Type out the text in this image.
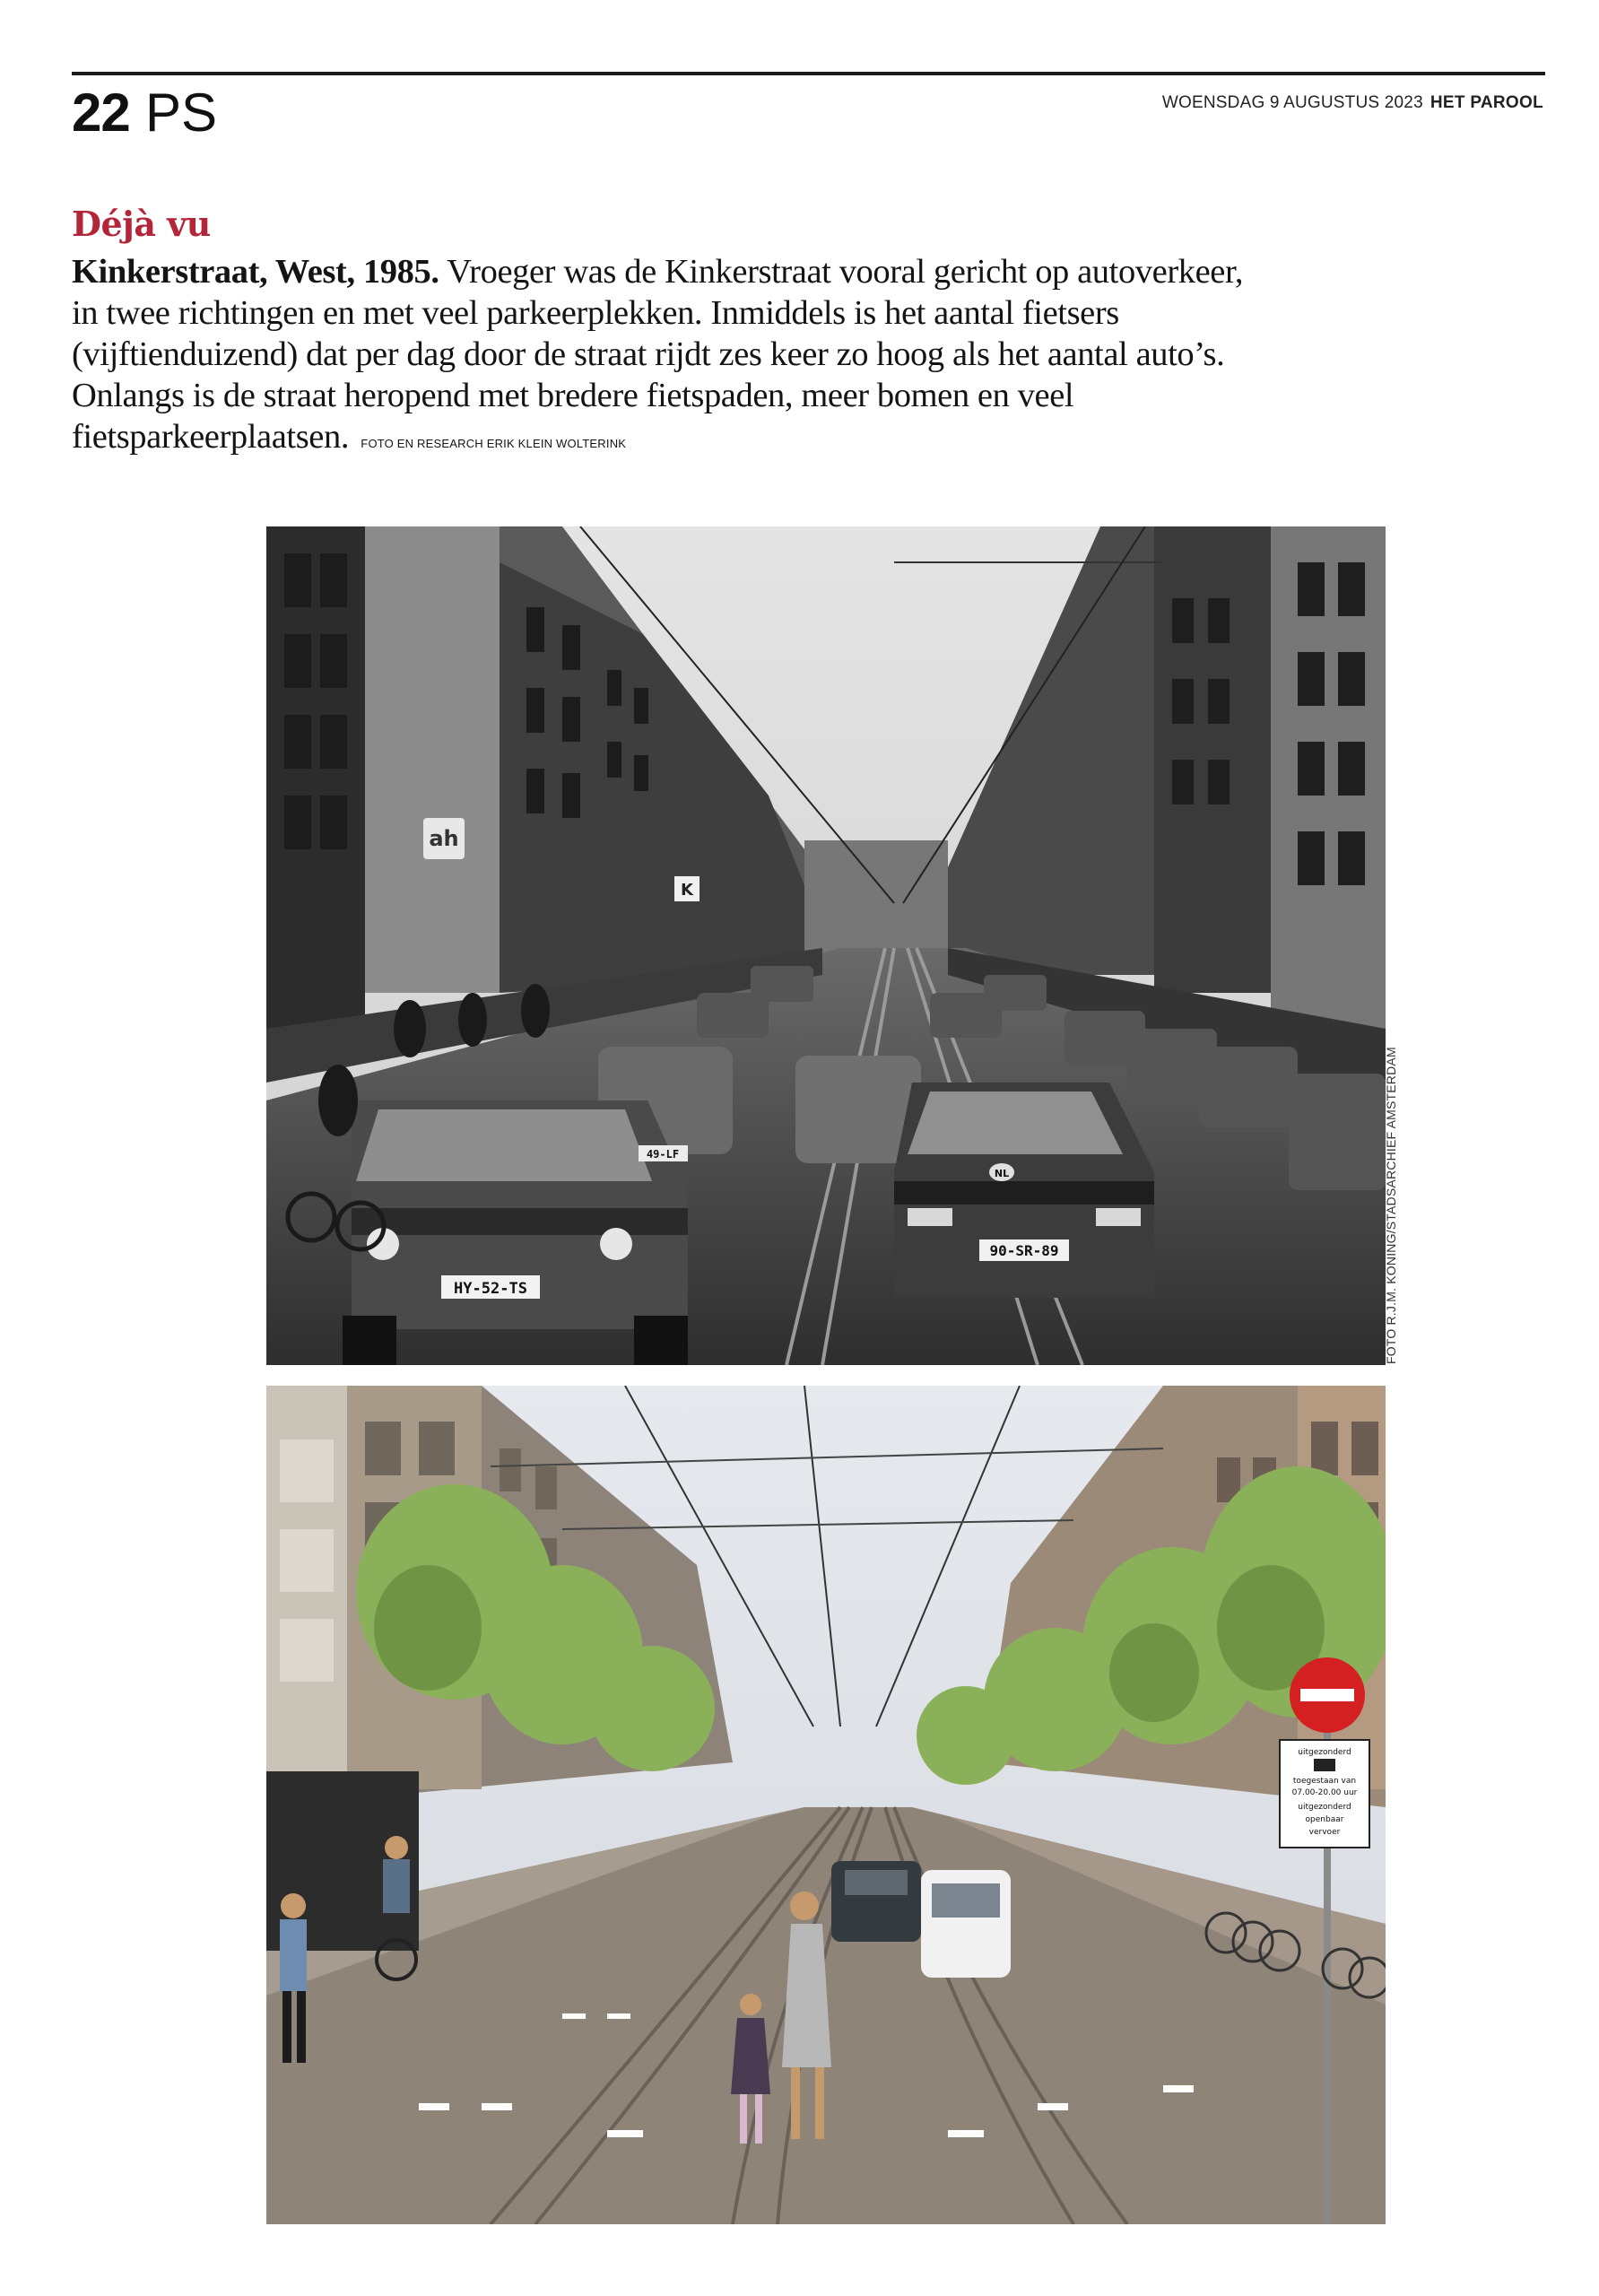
22 PS	WOENSDAG 9 AUGUSTUS 2023 HET PAROOL
Déjà vu
Kinkerstraat, West, 1985. Vroeger was de Kinkerstraat vooral gericht op autoverkeer, in twee richtingen en met veel parkeerplekken. Inmiddels is het aantal fietsers (vijftienduizend) dat per dag door de straat rijdt zes keer zo hoog als het aantal auto’s. Onlangs is de straat heropend met bredere fietspaden, meer bomen en veel fietsparkeerplaatsen. FOTO EN RESEARCH ERIK KLEIN WOLTERINK
ah
K
HY-52-TS
49-LF
NL
90-SR-89	FOTO R.J.M. KONING/STADSARCHIEF AMSTERDAM
uitgezonderd
toegestaan van
07.00-20.00 uur
uitgezonderd
openbaar
vervoer
